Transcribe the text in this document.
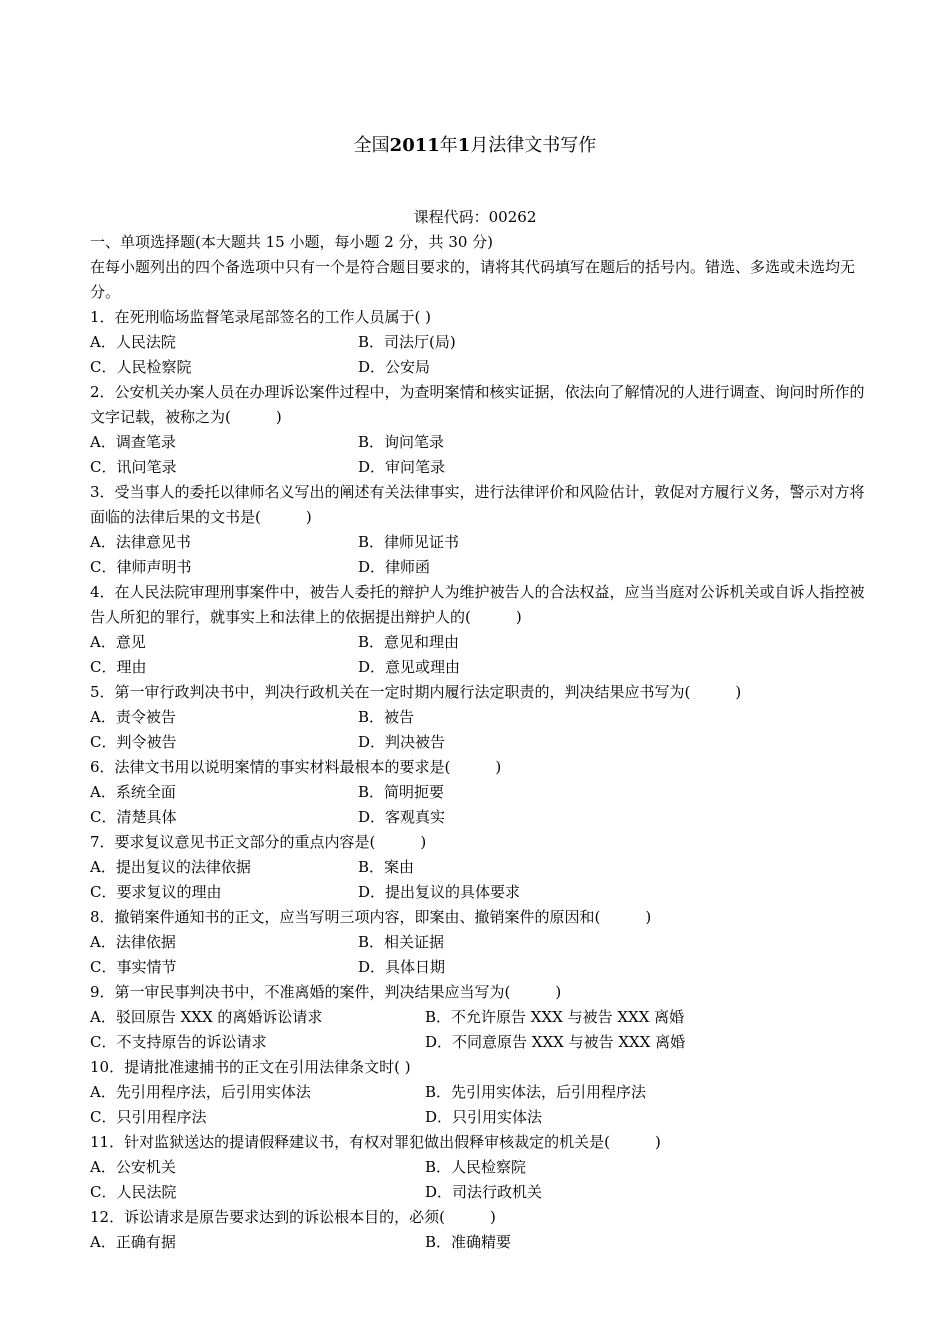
全国2011年1月法律文书写作
课程代码：00262
一、单项选择题(本大题共 15 小题，每小题 2 分，共 30 分)
在每小题列出的四个备选项中只有一个是符合题目要求的，请将其代码填写在题后的括号内。错选、多选或未选均无分。
1．在死刑临场监督笔录尾部签名的工作人员属于( )
A．人民法院	B．司法厅(局)
C．人民检察院	D．公安局
2．公安机关办案人员在办理诉讼案件过程中，为查明案情和核实证据，依法向了解情况的人进行调查、询问时所作的文字记载，被称之为(　　　)
A．调查笔录	B．询问笔录
C．讯问笔录	D．审问笔录
3．受当事人的委托以律师名义写出的阐述有关法律事实，进行法律评价和风险估计，敦促对方履行义务，警示对方将面临的法律后果的文书是(　　　)
A．法律意见书	B．律师见证书
C．律师声明书	D．律师函
4．在人民法院审理刑事案件中，被告人委托的辩护人为维护被告人的合法权益，应当当庭对公诉机关或自诉人指控被告人所犯的罪行，就事实上和法律上的依据提出辩护人的(　　　)
A．意见	B．意见和理由
C．理由	D．意见或理由
5．第一审行政判决书中，判决行政机关在一定时期内履行法定职责的，判决结果应书写为(　　　)
A．责令被告	B．被告
C．判令被告	D．判决被告
6．法律文书用以说明案情的事实材料最根本的要求是(　　　)
A．系统全面	B．简明扼要
C．清楚具体	D．客观真实
7．要求复议意见书正文部分的重点内容是(　　　)
A．提出复议的法律依据	B．案由
C．要求复议的理由	D．提出复议的具体要求
8．撤销案件通知书的正文，应当写明三项内容，即案由、撤销案件的原因和(　　　)
A．法律依据	B．相关证据
C．事实情节	D．具体日期
9．第一审民事判决书中，不准离婚的案件，判决结果应当写为(　　　)
A．驳回原告 XXX 的离婚诉讼请求	B．不允许原告 XXX 与被告 XXX 离婚
C．不支持原告的诉讼请求	D．不同意原告 XXX 与被告 XXX 离婚
10．提请批准逮捕书的正文在引用法律条文时( )
A．先引用程序法，后引用实体法	B．先引用实体法，后引用程序法
C．只引用程序法	D．只引用实体法
11．针对监狱送达的提请假释建议书，有权对罪犯做出假释审核裁定的机关是(　　　)
A．公安机关	B．人民检察院
C．人民法院	D．司法行政机关
12．诉讼请求是原告要求达到的诉讼根本目的，必须(　　　)
A．正确有据	B．准确精要
